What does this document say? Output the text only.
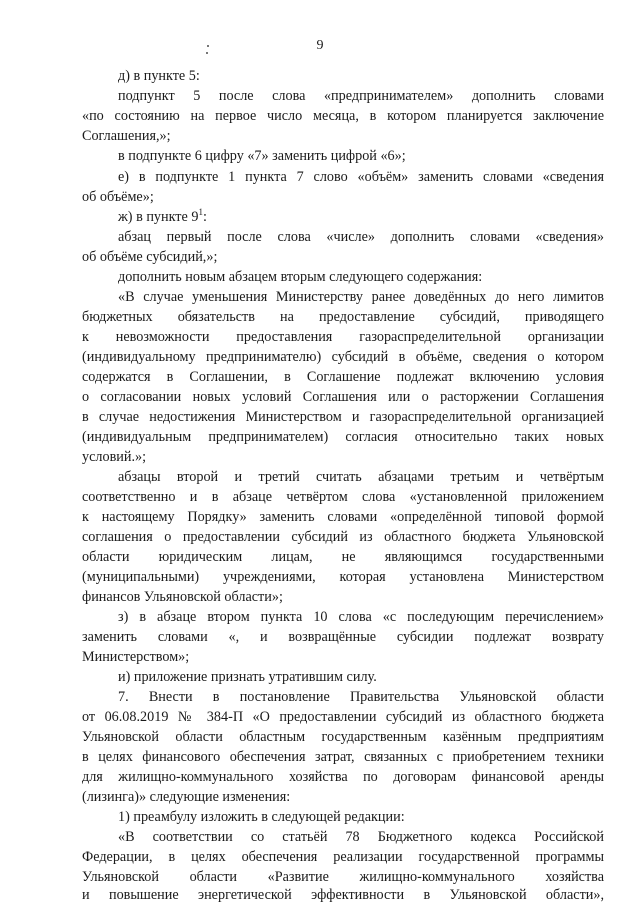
9
д) в пункте 5:
подпункт 5 после слова «предпринимателем» дополнить словами
«по состоянию на первое число месяца, в котором планируется заключение
Соглашения,»;
в подпункте 6 цифру «7» заменить цифрой «6»;
е) в подпункте 1 пункта 7 слово «объём» заменить словами «сведения
об объёме»;
ж) в пункте $9^1$:
абзац первый после слова «числе» дополнить словами «сведения»
об объёме субсидий,»;
дополнить новым абзацем вторым следующего содержания:
«В случае уменьшения Министерству ранее доведённых до него лимитов
бюджетных обязательств на предоставление субсидий, приводящего
к невозможности предоставления газораспределительной организации
(индивидуальному предпринимателю) субсидий в объёме, сведения о котором
содержатся в Соглашении, в Соглашение подлежат включению условия
о согласовании новых условий Соглашения или о расторжении Соглашения
в случае недостижения Министерством и газораспределительной организацией
(индивидуальным предпринимателем) согласия относительно таких новых
условий.»;
абзацы второй и третий считать абзацами третьим и четвёртым
соответственно и в абзаце четвёртом слова «установленной приложением
к настоящему Порядку» заменить словами «определённой типовой формой
соглашения о предоставлении субсидий из областного бюджета Ульяновской
области юридическим лицам, не являющимся государственными
(муниципальными) учреждениями, которая установлена Министерством
финансов Ульяновской области»;
з) в абзаце втором пункта 10 слова «с последующим перечислением»
заменить словами «, и возвращённые субсидии подлежат возврату
Министерством»;
и) приложение признать утратившим силу.
7. Внести в постановление Правительства Ульяновской области
от 06.08.2019 № 384-П «О предоставлении субсидий из областного бюджета
Ульяновской области областным государственным казённым предприятиям
в целях финансового обеспечения затрат, связанных с приобретением техники
для жилищно-коммунального хозяйства по договорам финансовой аренды
(лизинга)» следующие изменения:
1) преамбулу изложить в следующей редакции:
«В соответствии со статьёй 78 Бюджетного кодекса Российской
Федерации, в целях обеспечения реализации государственной программы
Ульяновской области «Развитие жилищно-коммунального хозяйства
и повышение энергетической эффективности в Ульяновской области»,
